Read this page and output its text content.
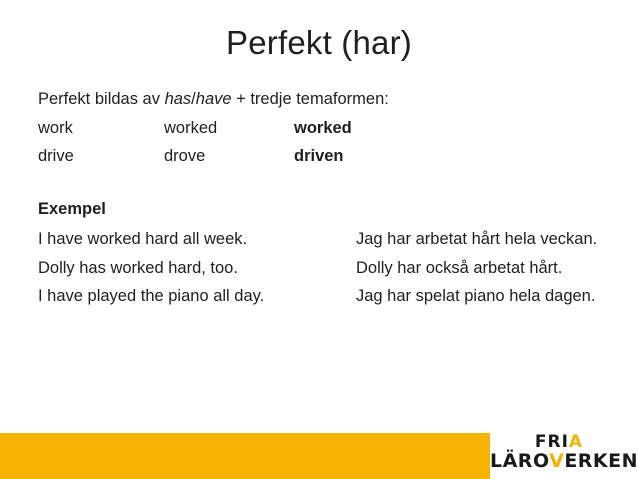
Perfekt (har)
Perfekt bildas av has/have + tredje temaformen:
work	worked	worked
drive	drove	driven
Exempel
I have worked hard all week.	Jag har arbetat hårt hela veckan.
Dolly has worked hard, too.	Dolly har också arbetat hårt.
I have played the piano all day.	Jag har spelat piano hela dagen.
FRIA
LÄROVERKEN
